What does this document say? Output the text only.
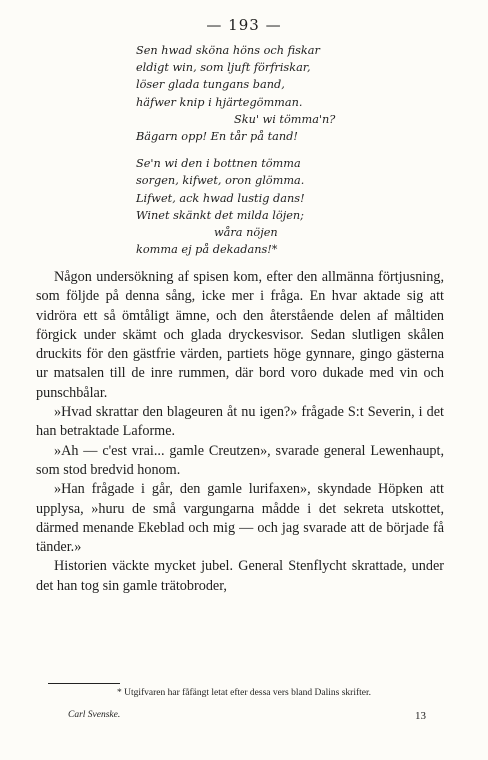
— 193 —
Sen hwad sköna höns och fiskar
eldigt win, som ljuft förfriskar,
löser glada tungans band,
häfwer knip i hjärtegömman.
Sku' wi tömma'n?
Bägarn opp! En tår på tand!
Se'n wi den i bottnen tömma
sorgen, kifwet, oron glömma.
Lifwet, ack hwad lustig dans!
Winet skänkt det milda löjen;
wåra nöjen
komma ej på dekadans!*

Någon undersökning af spisen kom, efter den allmänna förtjusning, som följde på denna sång, icke mer i fråga. En hvar aktade sig att vidröra ett så ömtåligt ämne, och den återstående delen af måltiden förgick under skämt och glada dryckesvisor. Sedan slutligen skålen druckits för den gästfrie värden, partiets höge gynnare, gingo gästerna ur matsalen till de inre rummen, där bord voro dukade med vin och punschbålar.

»Hvad skrattar den blageuren åt nu igen?» frågade S:t Severin, i det han betraktade Laforme.

»Ah — c'est vrai... gamle Creutzen», svarade general Lewenhaupt, som stod bredvid honom.

»Han frågade i går, den gamle lurifaxen», skyndade Höpken att upplysa, »huru de små vargungarna mådde i det sekreta utskottet, därmed menande Ekeblad och mig — och jag svarade att de började få tänder.»

Historien väckte mycket jubel. General Stenflycht skrattade, under det han tog sin gamle trätobroder,

* Utgifvaren har fåfängt letat efter dessa vers bland Dalins skrifter.
Carl Svenske.	13
